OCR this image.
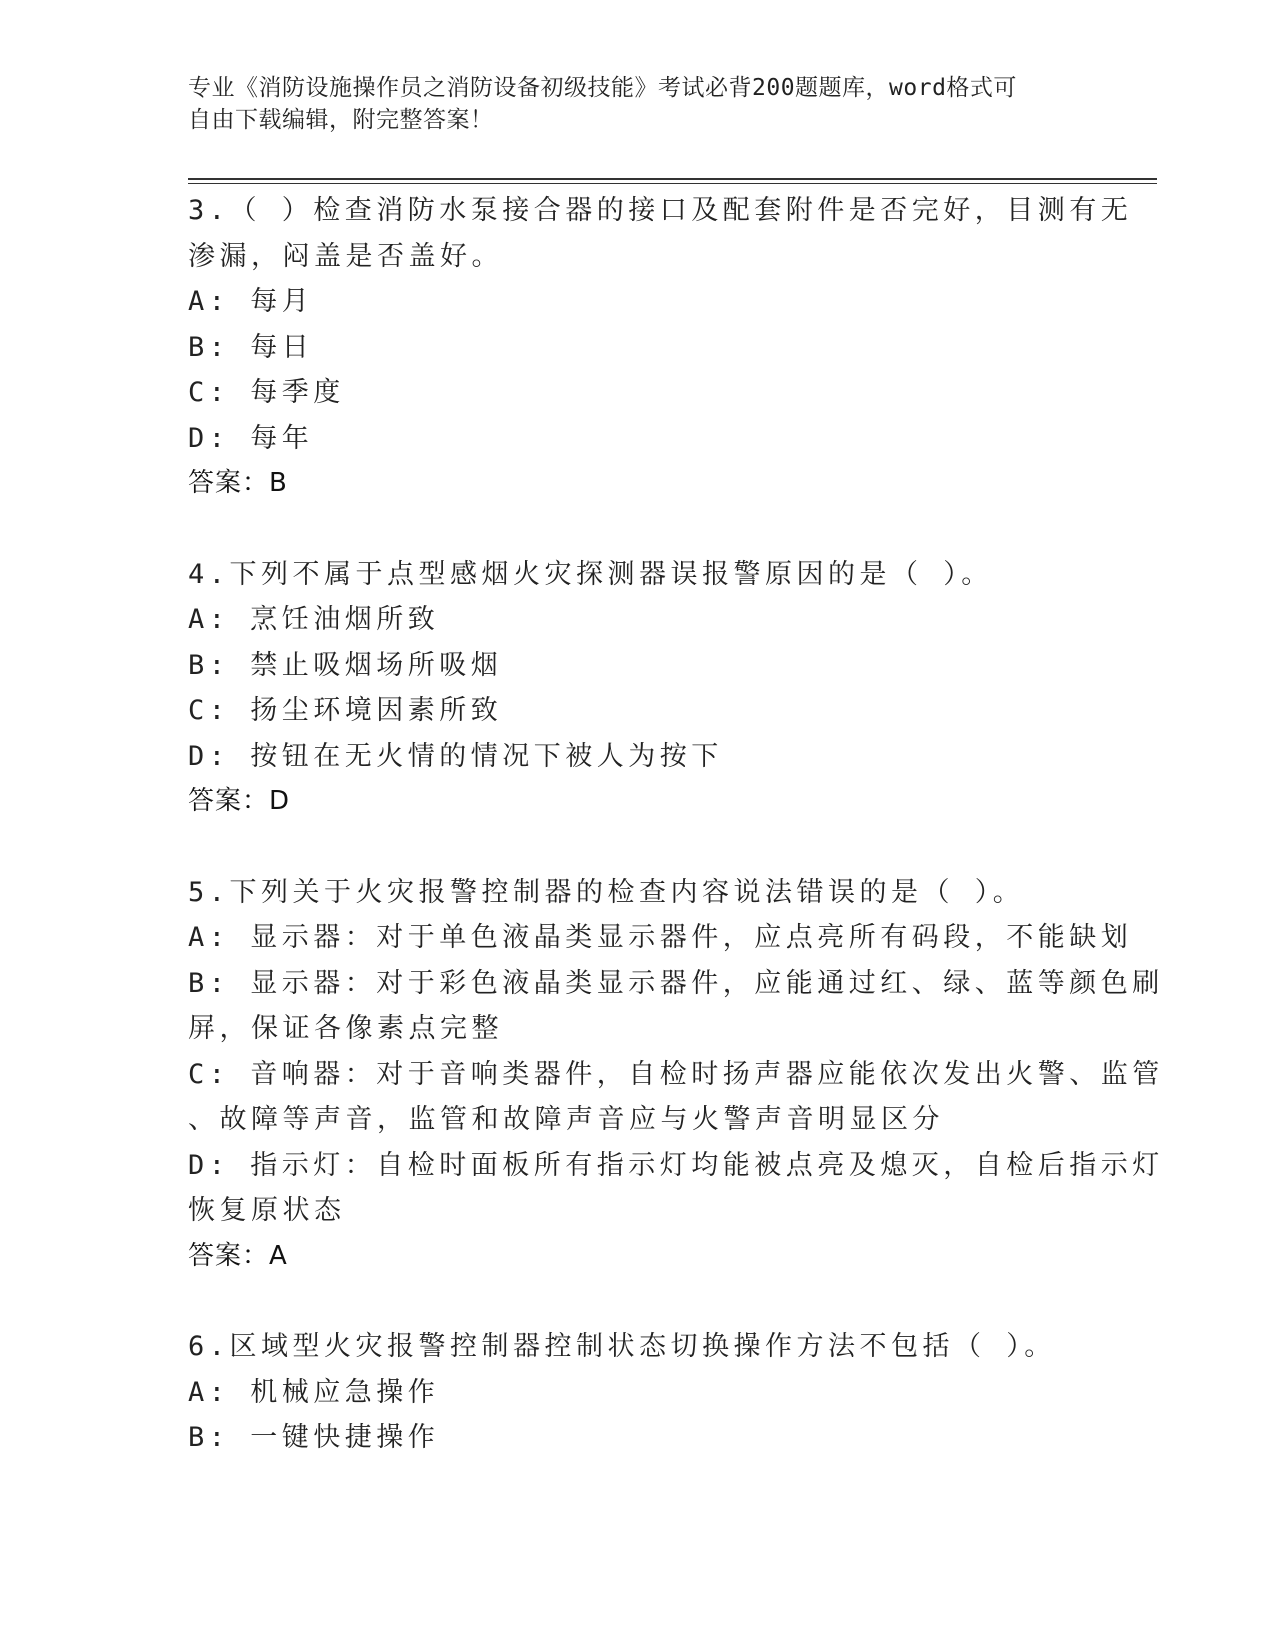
专业《消防设施操作员之消防设备初级技能》考试必背200题题库，word格式可
自由下载编辑，附完整答案！
3.（ ）检查消防水泵接合器的接口及配套附件是否完好，目测有无
渗漏，闷盖是否盖好。
A: 每月
B: 每日
C: 每季度
D: 每年
答案：B
4.下列不属于点型感烟火灾探测器误报警原因的是（ ）。
A: 烹饪油烟所致
B: 禁止吸烟场所吸烟
C: 扬尘环境因素所致
D: 按钮在无火情的情况下被人为按下
答案：D
5.下列关于火灾报警控制器的检查内容说法错误的是（ ）。
A: 显示器：对于单色液晶类显示器件，应点亮所有码段，不能缺划
B: 显示器：对于彩色液晶类显示器件，应能通过红、绿、蓝等颜色刷
屏，保证各像素点完整
C: 音响器：对于音响类器件，自检时扬声器应能依次发出火警、监管
、故障等声音，监管和故障声音应与火警声音明显区分
D: 指示灯：自检时面板所有指示灯均能被点亮及熄灭，自检后指示灯
恢复原状态
答案：A
6.区域型火灾报警控制器控制状态切换操作方法不包括（ ）。
A: 机械应急操作
B: 一键快捷操作
